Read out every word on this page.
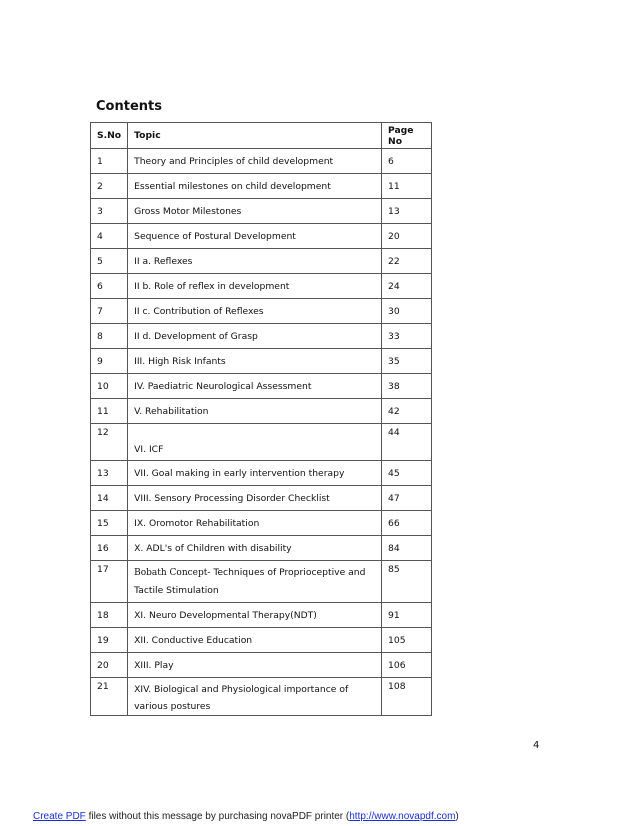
Contents
S.No	Topic	Page No
1	Theory and Principles of child development	6
2	Essential milestones on child development	11
3	Gross Motor Milestones	13
4	Sequence of Postural Development	20
5	II a. Reflexes	22
6	II b. Role of reflex in development	24
7	II c. Contribution of Reflexes	30
8	II d. Development of Grasp	33
9	III. High Risk Infants	35
10	IV. Paediatric Neurological Assessment	38
11	V. Rehabilitation	42
12	VI. ICF	44
13	VII. Goal making in early intervention therapy	45
14	VIII. Sensory Processing Disorder Checklist	47
15	IX. Oromotor Rehabilitation	66
16	X. ADL's of Children with disability	84
17	Bobath Concept- Techniques of Proprioceptive and Tactile Stimulation	85
18	XI. Neuro Developmental Therapy(NDT)	91
19	XII. Conductive Education	105
20	XIII. Play	106
21	XIV. Biological and Physiological importance of various postures	108
4
Create PDF files without this message by purchasing novaPDF printer (http://www.novapdf.com)
